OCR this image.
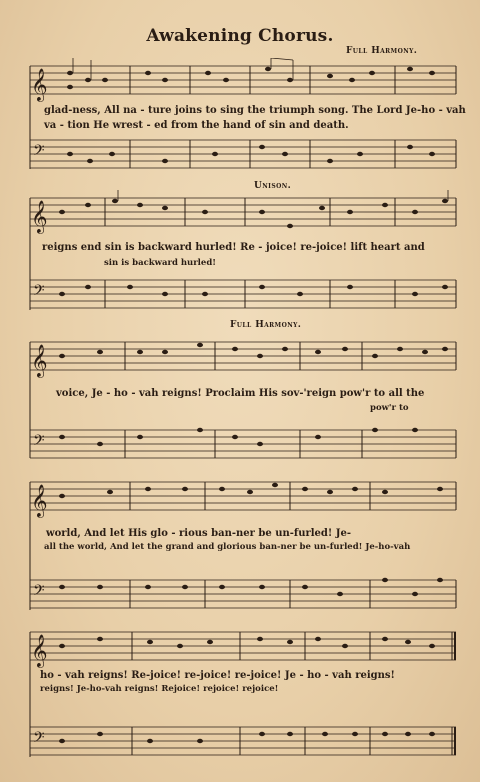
Awakening Chorus.
Full Harmony.
𝄞
𝄢
glad-ness, All na - ture joins to sing the triumph song. The Lord Je-ho - vah
va - tion He wrest - ed from the hand of sin and death.
Unison.
𝄞
𝄢
reigns end sin is backward hurled! Re - joice! re-joice! lift heart and
sin is backward hurled!
Full Harmony.
𝄞
𝄢
voice, Je - ho - vah reigns! Proclaim His sov-'reign pow'r to all the
pow'r to
𝄞
𝄢
world, And let His glo - rious ban-ner be un-furled! Je-
all the world, And let the grand and glorious ban-ner be un-furled! Je-ho-vah
𝄞
𝄢
ho - vah reigns! Re-joice! re-joice! re-joice! Je - ho - vah reigns!
reigns! Je-ho-vah reigns! Rejoice! rejoice! rejoice!
